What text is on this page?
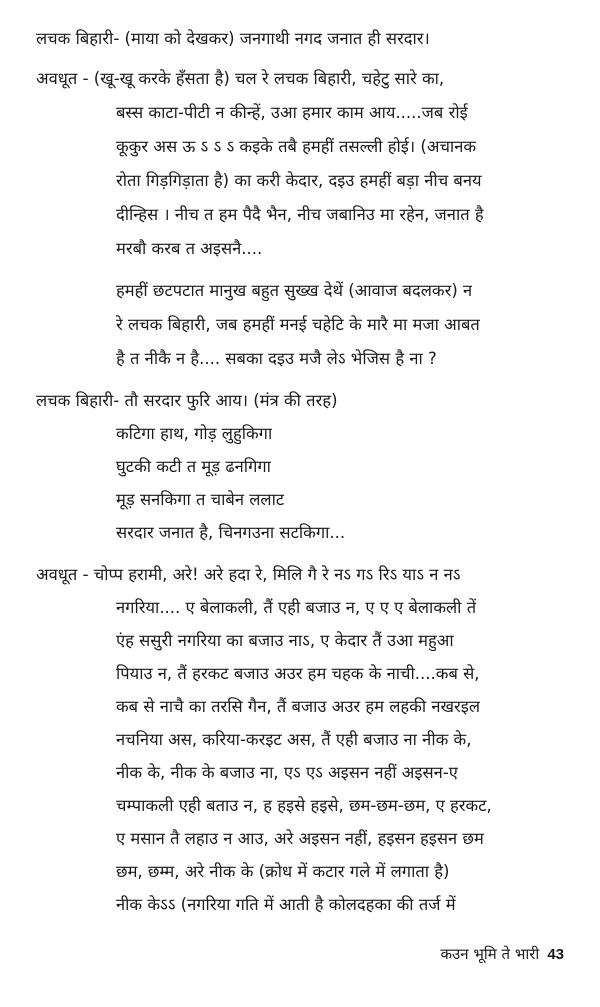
लचक बिहारी- (माया को देखकर) जनगाथी नगद जनात ही सरदार।
अवधूत - (खू-खू करके हँसता है) चल रे लचक बिहारी, चहेटु सारे का,
बस्स काटा-पीटी न कीन्हें, उआ हमार काम आय.....जब रोई
कूकुर अस ऊ ऽ ऽ ऽ कइके तबै हमहीं तसल्ली होई। (अचानक
रोता गिड़गिड़ाता है) का करी केदार, दइउ हमहीं बड़ा नीच बनय
दीन्हिस । नीच त हम पैदै भैन, नीच जबानिउ मा रहेन, जनात है
मरबौ करब त अइसनै....
हमहीं छटपटात मानुख बहुत सुख्ख देथें (आवाज बदलकर) न
रे लचक बिहारी, जब हमहीं मनई चहेटि के मारै मा मजा आबत
है त नीकै न है.... सबका दइउ मजै लेऽ भेजिस है ना ?
लचक बिहारी- तौ सरदार फुरि आय। (मंत्र की तरह)
कटिगा हाथ, गोड़ लुहुकिगा
घुटकी कटी त मूड़ ढनगिगा
मूड़ सनकिगा त चाबेन ललाट
सरदार जनात है, चिनगउना सटकिगा...
अवधूत - चोप्प हरामी, अरे! अरे हदा रे, मिलि गै रे नऽ गऽ रिऽ याऽ न नऽ
नगरिया.... ए बेलाकली, तैं एही बजाउ न, ए ए ए बेलाकली तें
एंह ससुरी नगरिया का बजाउ नाऽ, ए केदार तैं उआ महुआ
पियाउ न, तैं हरकट बजाउ अउर हम चहक के नाची....कब से,
कब से नाचै का तरसि गैन, तैं बजाउ अउर हम लहकी नखरइल
नचनिया अस, करिया-करइट अस, तैं एही बजाउ ना नीक के,
नीक के, नीक के बजाउ ना, एऽ एऽ अइसन नहीं अइसन-ए
चम्पाकली एही बताउ न, ह हइसे हइसे, छम-छम-छम, ए हरकट,
ए मसान तै लहाउ न आउ, अरे अइसन नहीं, हइसन हइसन छम
छम, छम्म, अरे नीक के (क्रोध में कटार गले में लगाता है)
नीक केऽऽ (नगरिया गति में आती है कोलदहका की तर्ज में
कउन भूमि ते भारी 43
